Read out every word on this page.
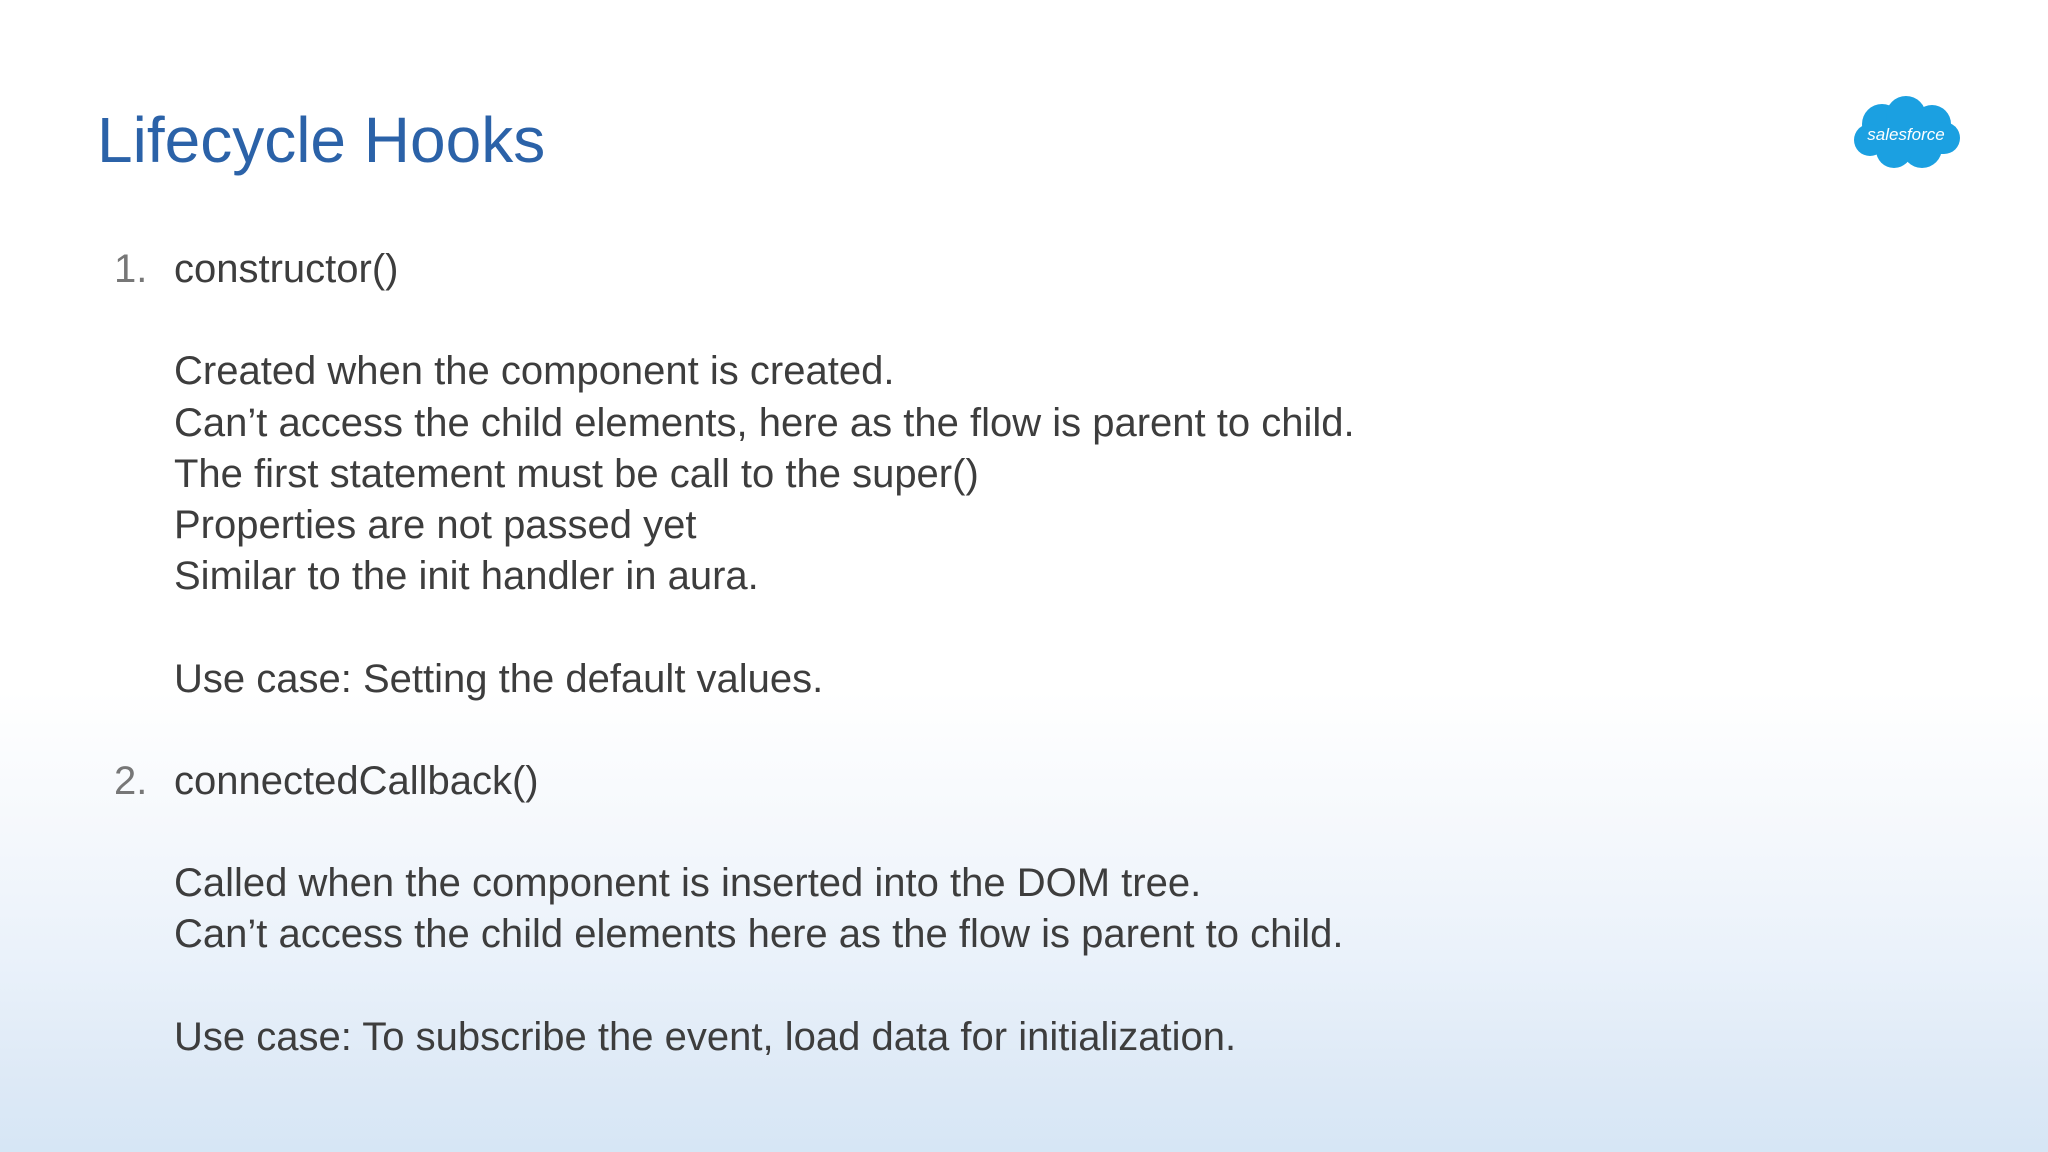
Lifecycle Hooks	salesforce
1. constructor()
Created when the component is created.
Can’t access the child elements, here as the flow is parent to child.
The first statement must be call to the super()
Properties are not passed yet
Similar to the init handler in aura.
Use case: Setting the default values.
2. connectedCallback()
Called when the component is inserted into the DOM tree.
Can’t access the child elements here as the flow is parent to child.
Use case: To subscribe the event, load data for initialization.
